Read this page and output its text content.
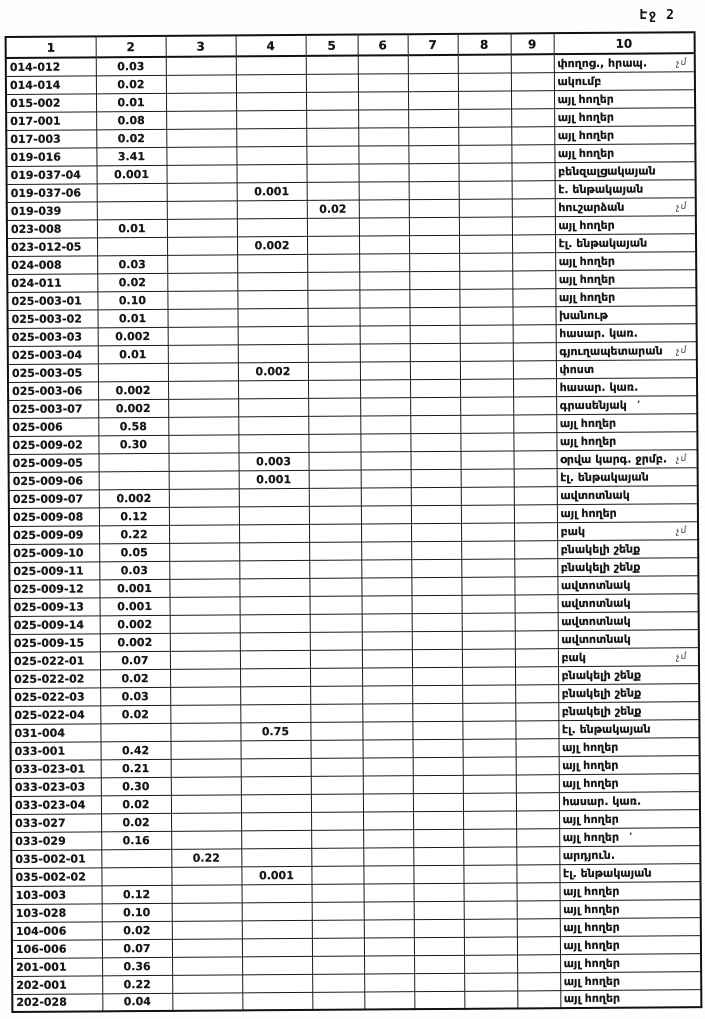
Էջ 2
1	2	3	4	5	6	7	8	9	10
014-012	0.03								փողոց., հրապ.
014-014	0.02								ակումբ
015-002	0.01								այլ հողեր
017-001	0.08								այլ հողեր
017-003	0.02								այլ հողեր
019-016	3.41								այլ հողեր
019-037-04	0.001								բենզալցակայան
019-037-06			0.001						է. ենթակայան
019-039				0.02					հուշարձան
023-008	0.01								այլ հողեր
023-012-05			0.002						էլ. ենթակայան
024-008	0.03								այլ հողեր
024-011	0.02								այլ հողեր
025-003-01	0.10								այլ հողեր
025-003-02	0.01								խանութ
025-003-03	0.002								հասար. կառ.
025-003-04	0.01								գյուղապետարան
025-003-05			0.002						փոստ
025-003-06	0.002								հասար. կառ.
025-003-07	0.002								գրասենյակ ’
025-006	0.58								այլ հողեր
025-009-02	0.30								այլ հողեր
025-009-05			0.003						օրվա կարգ. ջրմբ.
025-009-06			0.001						էլ. ենթակայան
025-009-07	0.002								ավտոտնակ
025-009-08	0.12								այլ հողեր
025-009-09	0.22								բակ
025-009-10	0.05								բնակելի շենք
025-009-11	0.03								բնակելի շենք
025-009-12	0.001								ավտոտնակ
025-009-13	0.001								ավտոտնակ
025-009-14	0.002								ավտոտնակ
025-009-15	0.002								ավտոտնակ
025-022-01	0.07								բակ
025-022-02	0.02								բնակելի շենք
025-022-03	0.03								բնակելի շենք
025-022-04	0.02								բնակելի շենք
031-004			0.75						էլ. ենթակայան
033-001	0.42								այլ հողեր
033-023-01	0.21								այլ հողեր
033-023-03	0.30								այլ հողեր
033-023-04	0.02								հասար. կառ.
033-027	0.02								այլ հողեր
033-029	0.16								այլ հողեր ’
035-002-01		0.22							արդյուն.
035-002-02			0.001						էլ. ենթակայան
103-003	0.12								այլ հողեր
103-028	0.10								այլ հողեր
104-006	0.02								այլ հողեր
106-006	0.07								այլ հողեր
201-001	0.36								այլ հողեր
202-001	0.22								այլ հողեր
202-028	0.04								այլ հողեր
չմ
չմ
չմ
չմ
չմ
չմ
